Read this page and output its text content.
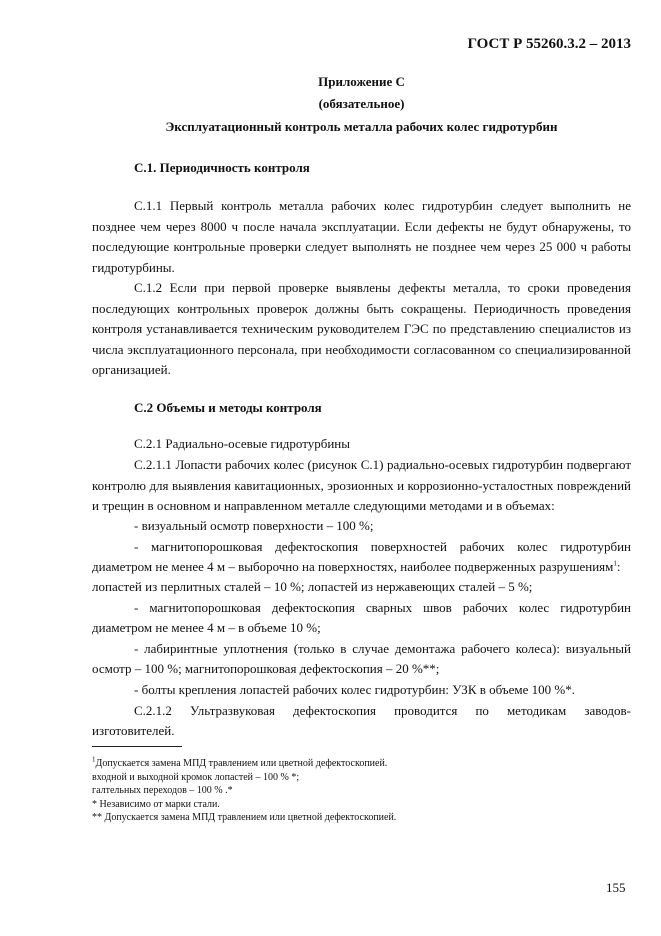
ГОСТ Р 55260.3.2 – 2013
Приложение С
(обязательное)
Эксплуатационный контроль металла рабочих колес гидротурбин
С.1. Периодичность контроля

С.1.1 Первый контроль металла рабочих колес гидротурбин следует выполнить не позднее чем через 8000 ч после начала эксплуатации. Если дефекты не будут обнаружены, то последующие контрольные проверки следует выполнять не позднее чем через 25 000 ч работы гидротурбины.

С.1.2 Если при первой проверке выявлены дефекты металла, то сроки проведения последующих контрольных проверок должны быть сокращены. Периодичность проведения контроля устанавливается техническим руководителем ГЭС по представлению специалистов из числа эксплуатационного персонала, при необходимости согласованном со специализированной организацией.

С.2 Объемы и методы контроля
С.2.1 Радиально-осевые гидротурбины

С.2.1.1 Лопасти рабочих колес (рисунок С.1) радиально-осевых гидротурбин подвергают контролю для выявления кавитационных, эрозионных и коррозионно-усталостных повреждений и трещин в основном и направленном металле следующими методами и в объемах:

- визуальный осмотр поверхности – 100 %;
- магнитопорошковая дефектоскопия поверхностей рабочих колес гидротурбин
диаметром не менее 4 м – выборочно на поверхностях, наиболее подверженных разрушениям$^1$:
лопастей из перлитных сталей – 10 %; лопастей из нержавеющих сталей – 5 %;
- магнитопорошковая дефектоскопия сварных швов рабочих колес гидротурбин
диаметром не менее 4 м – в объеме 10 %;
- лабиринтные уплотнения (только в случае демонтажа рабочего колеса): визуальный
осмотр – 100 %; магнитопорошковая дефектоскопия – 20 %**;
- болты крепления лопастей рабочих колес гидротурбин: УЗК в объеме 100 %*.
С.2.1.2 Ультразвуковая дефектоскопия проводится по методикам заводов-
изготовителей.
$^1$Допускается замена МПД травлением или цветной дефектоскопией.
входной и выходной кромок лопастей – 100 % *;
галтельных переходов – 100 % .*
* Независимо от марки стали.
** Допускается замена МПД травлением или цветной дефектоскопией.
155
